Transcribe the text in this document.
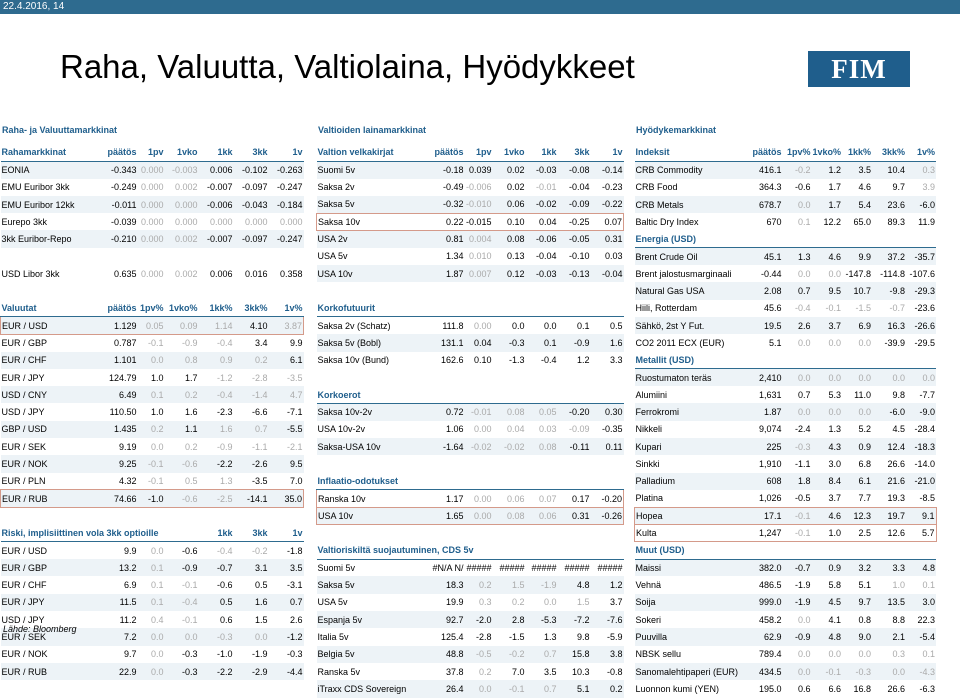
22.4.2016, 14
Raha, Valuutta, Valtiolaina, Hyödykkeet	FIM
Raha- ja Valuuttamarkkinat
Rahamarkkinat	päätös	1pv	1vko	1kk	3kk	1v
EONIA	-0.343	0.000	-0.003	0.006	-0.102	-0.263
EMU Euribor 3kk	-0.249	0.000	0.002	-0.007	-0.097	-0.247
EMU Euribor 12kk	-0.011	0.000	0.000	-0.006	-0.043	-0.184
Eurepo 3kk	-0.039	0.000	0.000	0.000	0.000	0.000
3kk Euribor-Repo	-0.210	0.000	0.002	-0.007	-0.097	-0.247

USD Libor 3kk	0.635	0.000	0.002	0.006	0.016	0.358

Valuutat	päätös	1pv%	1vko%	1kk%	3kk%	1v%
EUR / USD	1.129	0.05	0.09	1.14	4.10	3.87
EUR / GBP	0.787	-0.1	-0.9	-0.4	3.4	9.9
EUR / CHF	1.101	0.0	0.8	0.9	0.2	6.1
EUR / JPY	124.79	1.0	1.7	-1.2	-2.8	-3.5
USD / CNY	6.49	0.1	0.2	-0.4	-1.4	4.7
USD / JPY	110.50	1.0	1.6	-2.3	-6.6	-7.1
GBP / USD	1.435	0.2	1.1	1.6	0.7	-5.5
EUR / SEK	9.19	0.0	0.2	-0.9	-1.1	-2.1
EUR / NOK	9.25	-0.1	-0.6	-2.2	-2.6	9.5
EUR / PLN	4.32	-0.1	0.5	1.3	-3.5	7.0
EUR / RUB	74.66	-1.0	-0.6	-2.5	-14.1	35.0

Riski, implisiittinen vola 3kk optioille				1kk	3kk	1v
EUR / USD	9.9	0.0	-0.6	-0.4	-0.2	-1.8
EUR / GBP	13.2	0.1	-0.9	-0.7	3.1	3.5
EUR / CHF	6.9	0.1	-0.1	-0.6	0.5	-3.1
EUR / JPY	11.5	0.1	-0.4	0.5	1.6	0.7
USD / JPY	11.2	0.4	-0.1	0.6	1.5	2.6
EUR / SEK	7.2	0.0	0.0	-0.3	0.0	-1.2
EUR / NOK	9.7	0.0	-0.3	-1.0	-1.9	-0.3
EUR / RUB	22.9	0.0	-0.3	-2.2	-2.9	-4.4
Valtioiden lainamarkkinat
Valtion velkakirjat	päätös	1pv	1vko	1kk	3kk	1v
Suomi 5v	-0.18	0.039	0.02	-0.03	-0.08	-0.14
Saksa 2v	-0.49	-0.006	0.02	-0.01	-0.04	-0.23
Saksa 5v	-0.32	-0.010	0.06	-0.02	-0.09	-0.22
Saksa 10v	0.22	-0.015	0.10	0.04	-0.25	0.07
USA 2v	0.81	0.004	0.08	-0.06	-0.05	0.31
USA 5v	1.34	0.010	0.13	-0.04	-0.10	0.03
USA 10v	1.87	0.007	0.12	-0.03	-0.13	-0.04

Korkofutuurit						
Saksa 2v (Schatz)	111.8	0.00	0.0	0.0	0.1	0.5
Saksa 5v (Bobl)	131.1	0.04	-0.3	0.1	-0.9	1.6
Saksa 10v (Bund)	162.6	0.10	-1.3	-0.4	1.2	3.3

Korkoerot						
Saksa 10v-2v	0.72	-0.01	0.08	0.05	-0.20	0.30
USA 10v-2v	1.06	0.00	0.04	0.03	-0.09	-0.35
Saksa-USA 10v	-1.64	-0.02	-0.02	0.08	-0.11	0.11

Inflaatio-odotukset						
Ranska 10v	1.17	0.00	0.06	0.07	0.17	-0.20
USA 10v	1.65	0.00	0.08	0.06	0.31	-0.26

Valtioriskiltä suojautuminen, CDS 5v						
Suomi 5v	#N/A N/	#####	#####	#####	#####	#####
Saksa 5v	18.3	0.2	1.5	-1.9	4.8	1.2
USA 5v	19.9	0.3	0.2	0.0	1.5	3.7
Espanja 5v	92.7	-2.0	2.8	-5.3	-7.2	-7.6
Italia 5v	125.4	-2.8	-1.5	1.3	9.8	-5.9
Belgia 5v	48.8	-0.5	-0.2	0.7	15.8	3.8
Ranska 5v	37.8	0.2	7.0	3.5	10.3	-0.8
iTraxx CDS Sovereign	26.4	0.0	-0.1	0.7	5.1	0.2
Hyödykemarkkinat
Indeksit	päätös	1pv%	1vko%	1kk%	3kk%	1v%
CRB Commodity	416.1	-0.2	1.2	3.5	10.4	0.3
CRB Food	364.3	-0.6	1.7	4.6	9.7	3.9
CRB Metals	678.7	0.0	1.7	5.4	23.6	-6.0
Baltic Dry Index	670	0.1	12.2	65.0	89.3	11.9
Energia (USD)						
Brent Crude Oil	45.1	1.3	4.6	9.9	37.2	-35.7
Brent jalostusmarginaali	-0.44	0.0	0.0	-147.8	-114.8	-107.6
Natural Gas USA	2.08	0.7	9.5	10.7	-9.8	-29.3
Hiili, Rotterdam	45.6	-0.4	-0.1	-1.5	-0.7	-23.6
Sähkö, 2st Y Fut.	19.5	2.6	3.7	6.9	16.3	-26.6
CO2 2011 ECX (EUR)	5.1	0.0	0.0	0.0	-39.9	-29.5
Metallit (USD)						
Ruostumaton teräs	2,410	0.0	0.0	0.0	0.0	0.0
Alumiini	1,631	0.7	5.3	11.0	9.8	-7.7
Ferrokromi	1.87	0.0	0.0	0.0	-6.0	-9.0
Nikkeli	9,074	-2.4	1.3	5.2	4.5	-28.4
Kupari	225	-0.3	4.3	0.9	12.4	-18.3
Sinkki	1,910	-1.1	3.0	6.8	26.6	-14.0
Palladium	608	1.8	8.4	6.1	21.6	-21.0
Platina	1,026	-0.5	3.7	7.7	19.3	-8.5
Hopea	17.1	-0.1	4.6	12.3	19.7	9.1
Kulta	1,247	-0.1	1.0	2.5	12.6	5.7
Muut (USD)						
Maissi	382.0	-0.7	0.9	3.2	3.3	4.8
Vehnä	486.5	-1.9	5.8	5.1	1.0	0.1
Soija	999.0	-1.9	4.5	9.7	13.5	3.0
Sokeri	458.2	0.0	4.1	0.8	8.8	22.3
Puuvilla	62.9	-0.9	4.8	9.0	2.1	-5.4
NBSK sellu	789.4	0.0	0.0	0.0	0.3	0.1
Sanomalehtipaperi (EUR)	434.5	0.0	-0.1	-0.3	0.0	-4.3
Luonnon kumi (YEN)	195.0	0.6	6.6	16.8	26.6	-6.3
Lähde: Bloomberg
